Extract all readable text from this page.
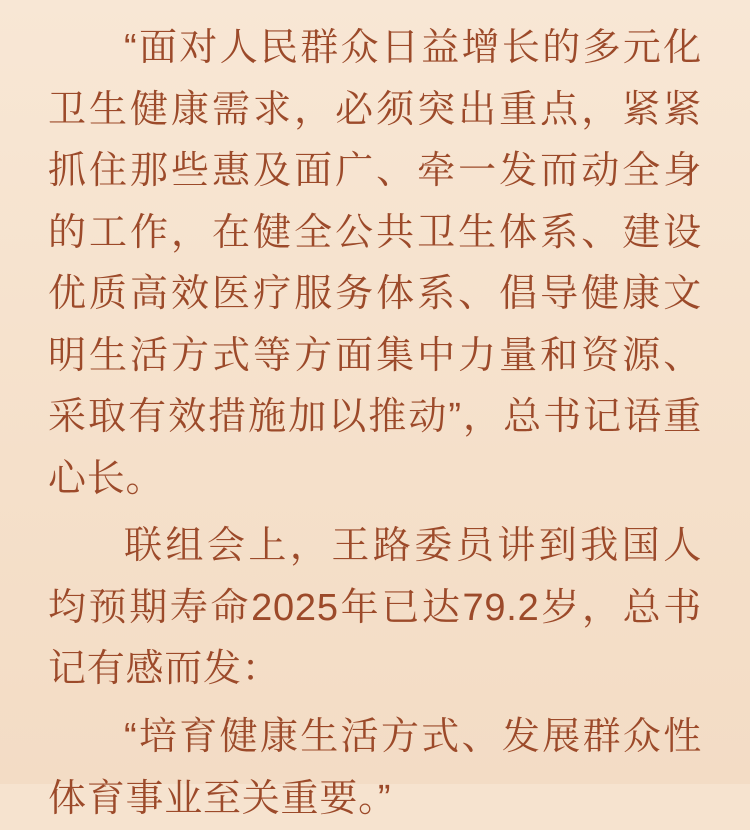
“面对人民群众日益增长的多元化卫生健康需求，必须突出重点，紧紧抓住那些惠及面广、牵一发而动全身的工作，在健全公共卫生体系、建设优质高效医疗服务体系、倡导健康文明生活方式等方面集中力量和资源、采取有效措施加以推动”，总书记语重心长。

联组会上，王路委员讲到我国人均预期寿命2025年已达79.2岁，总书记有感而发：

“培育健康生活方式、发展群众性体育事业至关重要。”
